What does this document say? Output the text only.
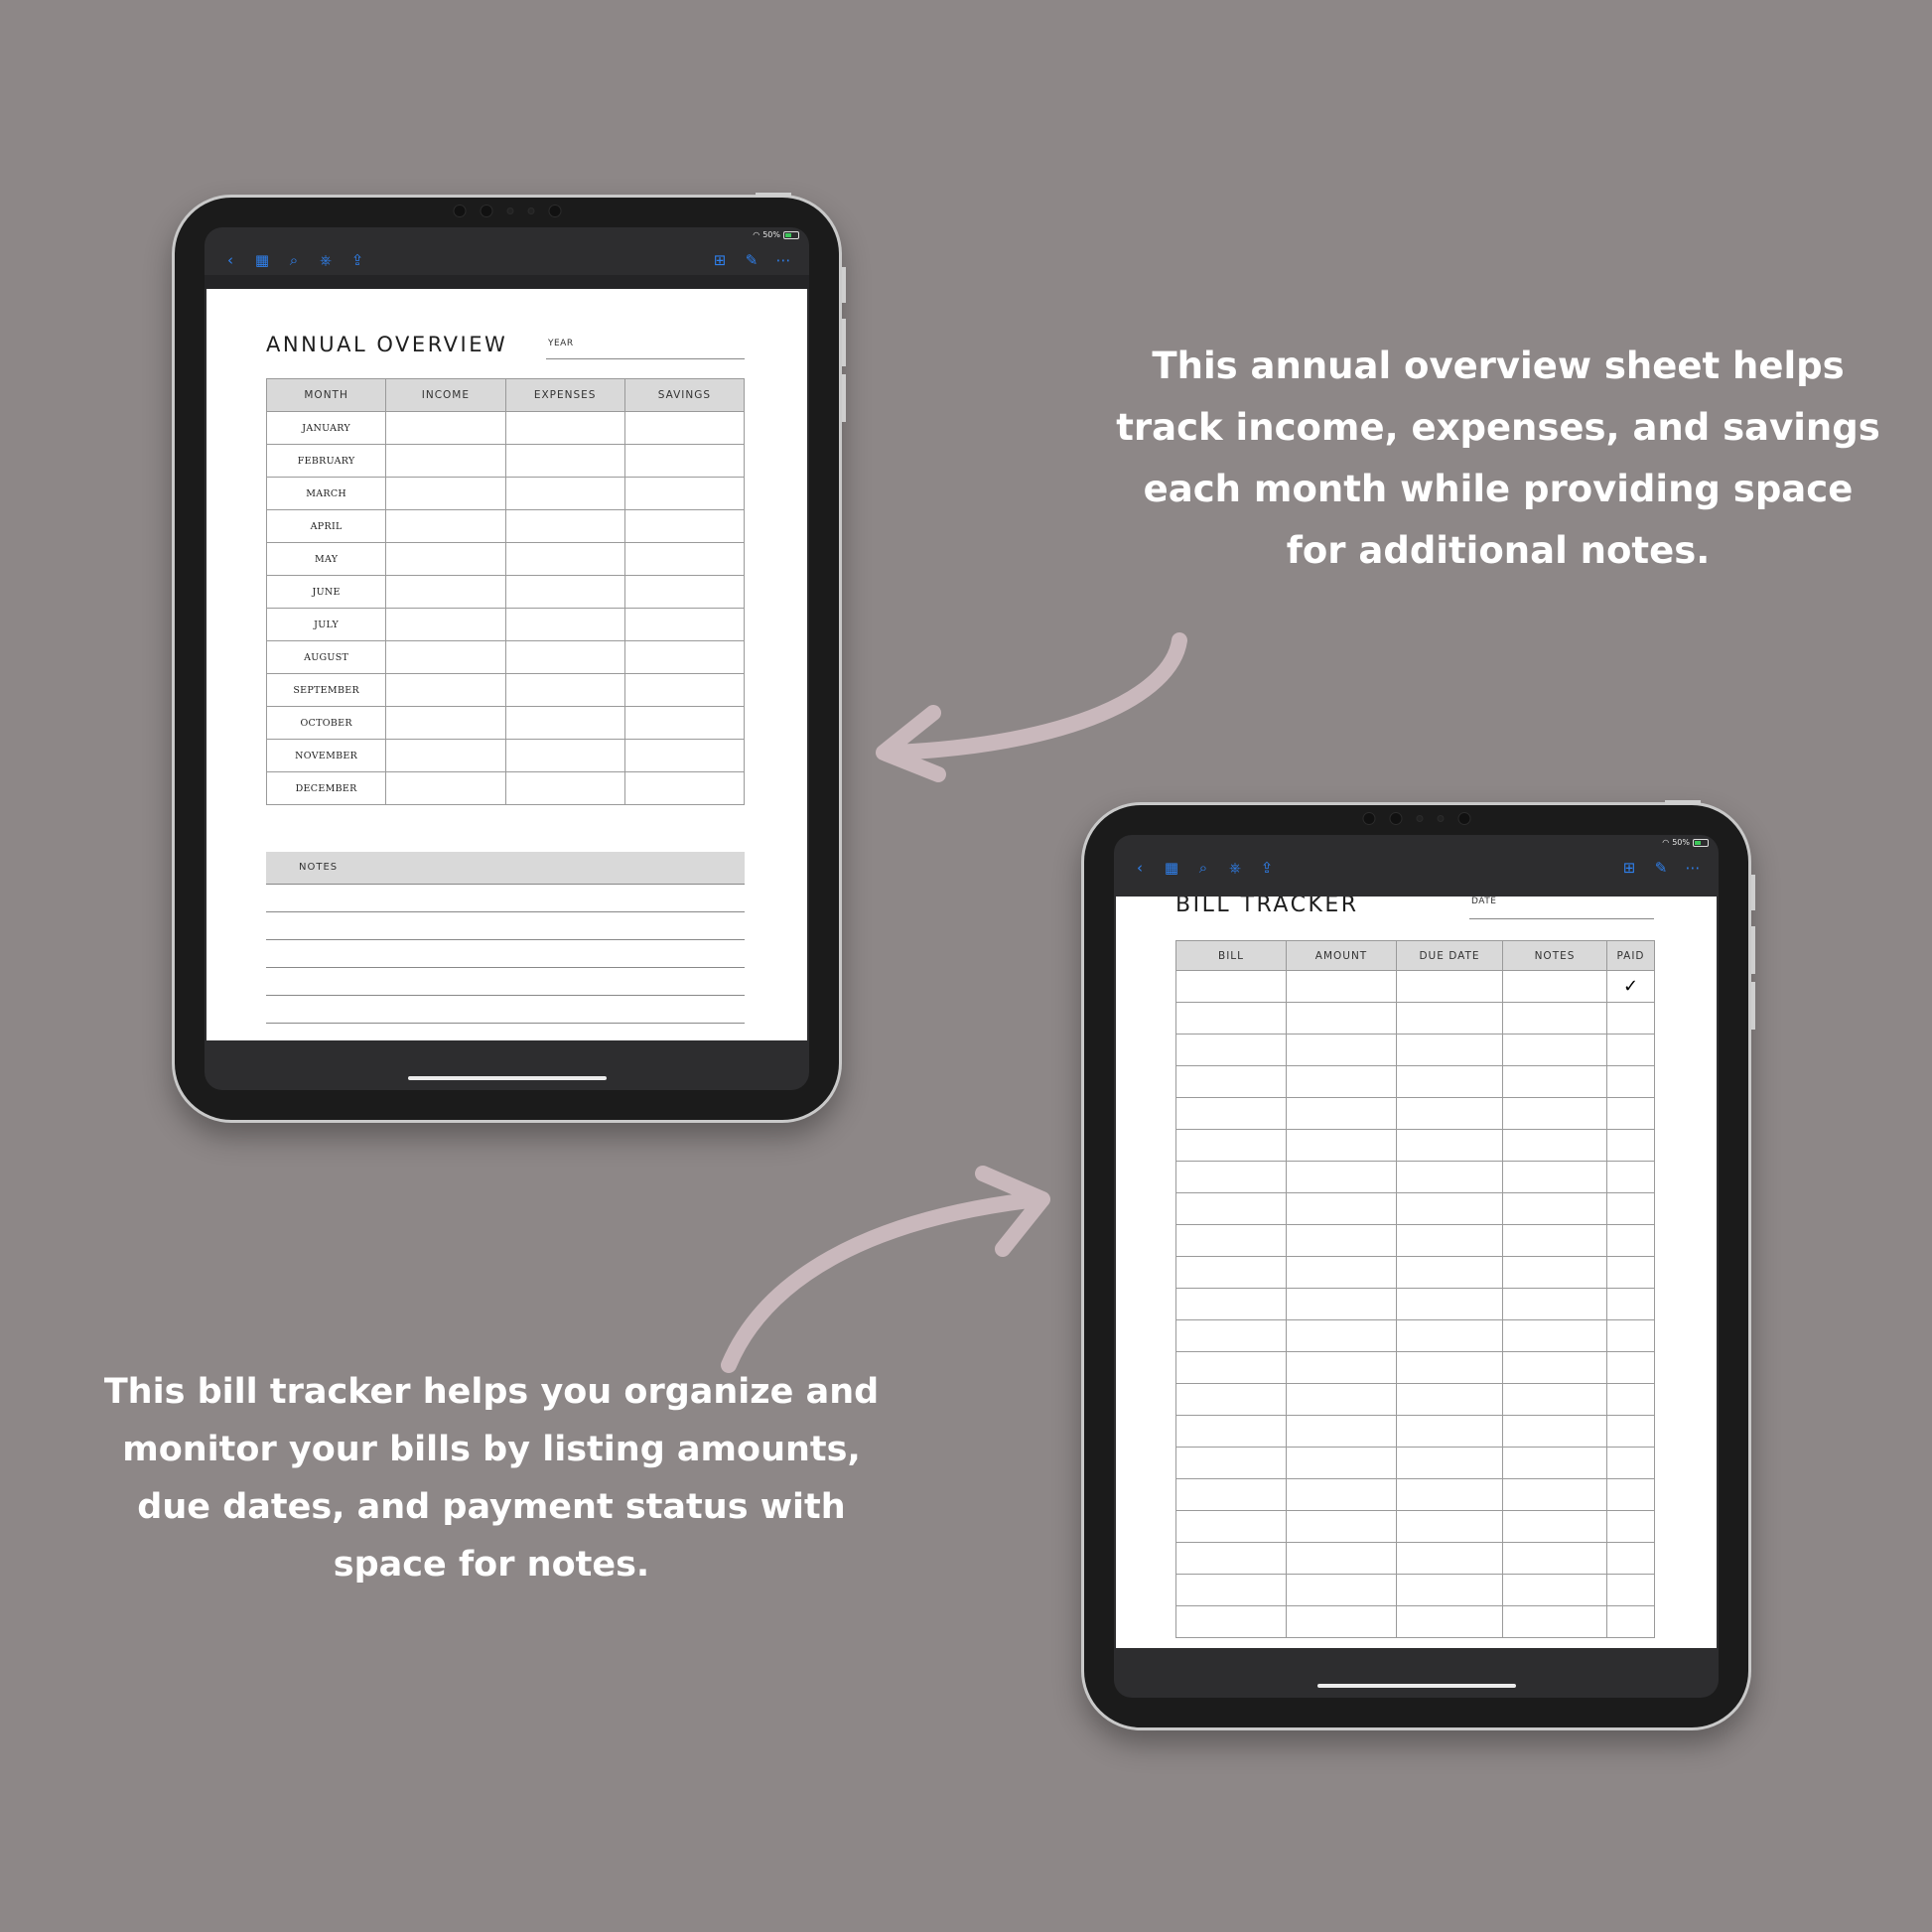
This annual overview sheet helps track income, expenses, and savings each month while providing space for additional notes.
This bill tracker helps you organize and monitor your bills by listing amounts, due dates, and payment status with space for notes.
◠ 50%
‹	▦	⌕	⎈	⇪	⊞	✎	⋯
ANNUAL OVERVIEW	YEAR
MONTH	INCOME	EXPENSES	SAVINGS
JANUARY			
FEBRUARY			
MARCH			
APRIL			
MAY			
JUNE			
JULY			
AUGUST			
SEPTEMBER			
OCTOBER			
NOVEMBER			
DECEMBER			
NOTES
◠ 50%
‹	▦	⌕	⎈	⇪	⊞	✎	⋯
BILL TRACKER	DATE
BILL	AMOUNT	DUE DATE	NOTES	PAID
				✓
